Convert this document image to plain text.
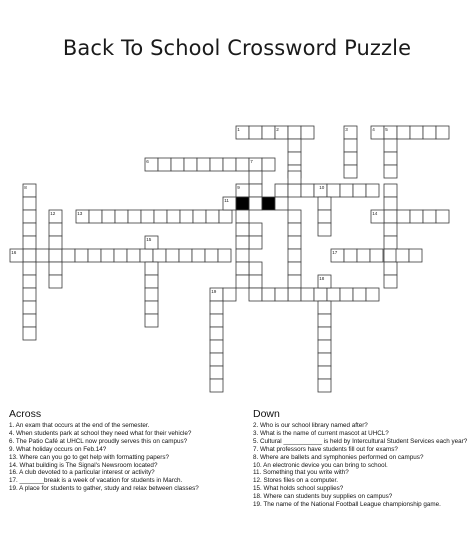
Back To School Crossword Puzzle
1	2	3	4 5
6	7
8	9	10
11
12	13	14
15
16	17
18
19
Across
1. An exam that occurs at the end of the semester.
4. When students park at school they need what for their vehicle?
6. The Patio Café at UHCL now proudly serves this on campus?
9. What holiday occurs on Feb.14?
13. Where can you go to get help with formatting papers?
14. What building is The Signal's Newsroom located?
16. A club devoted to a particular interest or activity?
17. _______break is a week of vacation for students in March.
19. A place for students to gather, study and relax between classes?
Down
2. Who is our school library named after?
3. What is the name of current mascot at UHCL?
5. Cultural ___________ is held by Intercultural Student Services each year?
7. What professors have students fill out for exams?
8. Where are ballets and symphonies performed on campus?
10. An electronic device you can bring to school.
11. Something that you write with?
12. Stores files on a computer.
15. What holds school supplies?
18. Where can students buy supplies on campus?
19. The name of the National Football League championship game.
